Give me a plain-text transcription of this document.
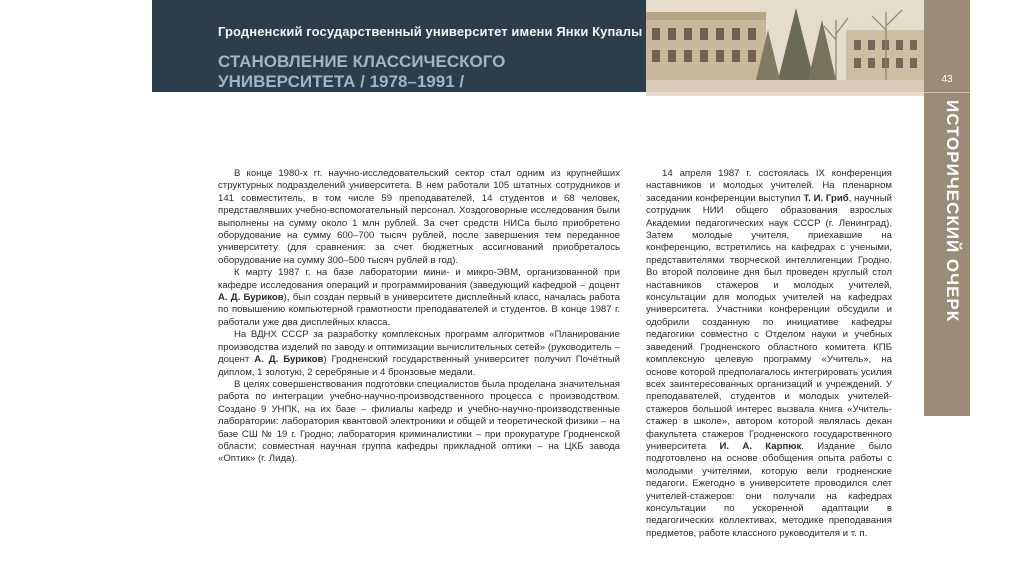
Гродненский государственный университет имени Янки Купалы
СТАНОВЛЕНИЕ КЛАССИЧЕСКОГО УНИВЕРСИТЕТА / 1978–1991 /	43
ИСТОРИЧЕСКИЙ ОЧЕРК

В конце 1980-х гг. научно-исследовательский сектор стал одним из крупнейших структурных подразделений университета. В нем работали 105 штатных сотрудников и 141 совместитель, в том числе 59 преподавателей, 14 студентов и 68 человек, представлявших учебно-вспомогательный персонал. Хоздоговорные исследования были выполнены на сумму около 1 млн рублей. За счет средств НИСа было приобретено оборудование на сумму 600–700 тысяч рублей, после завершения тем переданное университету (для сравнения: за счет бюджетных ассигнований приобреталось оборудование на сумму 300–500 тысяч рублей в год).

К марту 1987 г. на базе лаборатории мини- и микро-ЭВМ, организованной при кафедре исследования операций и программирования (заведующий кафедрой – доцент А. Д. Буриков), был создан первый в университете дисплейный класс, началась работа по повышению компьютерной грамотности преподавателей и студентов. В конце 1987 г. работали уже два дисплейных класса.

На ВДНХ СССР за разработку комплексных программ алгоритмов «Планирование производства изделий по заводу и оптимизации вычислительных сетей» (руководитель – доцент А. Д. Буриков) Гродненский государственный университет получил Почётный диплом, 1 золотую, 2 серебряные и 4 бронзовые медали.

В целях совершенствования подготовки специалистов была проделана значительная работа по интеграции учебно-научно-производственного процесса с производством. Создано 9 УНПК, на их базе – филиалы кафедр и учебно-научно-производственные лаборатории: лаборатория квантовой электроники и общей и теоретической физики – на базе СШ № 19 г. Гродно; лаборатория криминалистики – при прокуратуре Гродненской области; совместная научная группа кафедры прикладной оптики – на ЦКБ завода «Оптик» (г. Лида).

14 апреля 1987 г. состоялась IX конференция наставников и молодых учителей. На пленарном заседании конференции выступил Т. И. Гриб, научный сотрудник НИИ общего образования взрослых Академии педагогических наук СССР (г. Ленинград). Затем молодые учителя, приехавшие на конференцию, встретились на кафедрах с учеными, представителями творческой интеллигенции Гродно. Во второй половине дня был проведен круглый стол наставников стажеров и молодых учителей, консультации для молодых учителей на кафедрах университета. Участники конференции обсудили и одобрили созданную по инициативе кафедры педагогики совместно с Отделом науки и учебных заведений Гродненского областного комитета КПБ комплексную целевую программу «Учитель», на основе которой предполагалось интегрировать усилия всех заинтересованных организаций и учреждений. У преподавателей, студентов и молодых учителей-стажеров большой интерес вызвала книга «Учитель-стажер в школе», автором которой являлась декан факультета стажеров Гродненского государственного университета И. А. Карпюк. Издание было подготовлено на основе обобщения опыта работы с молодыми учителями, которую вели гродненские педагоги. Ежегодно в университете проводился слет учителей-стажеров: они получали на кафедрах консультации по ускоренной адаптации в педагогических коллективах, методике преподавания предметов, работе классного руководителя и т. п.
